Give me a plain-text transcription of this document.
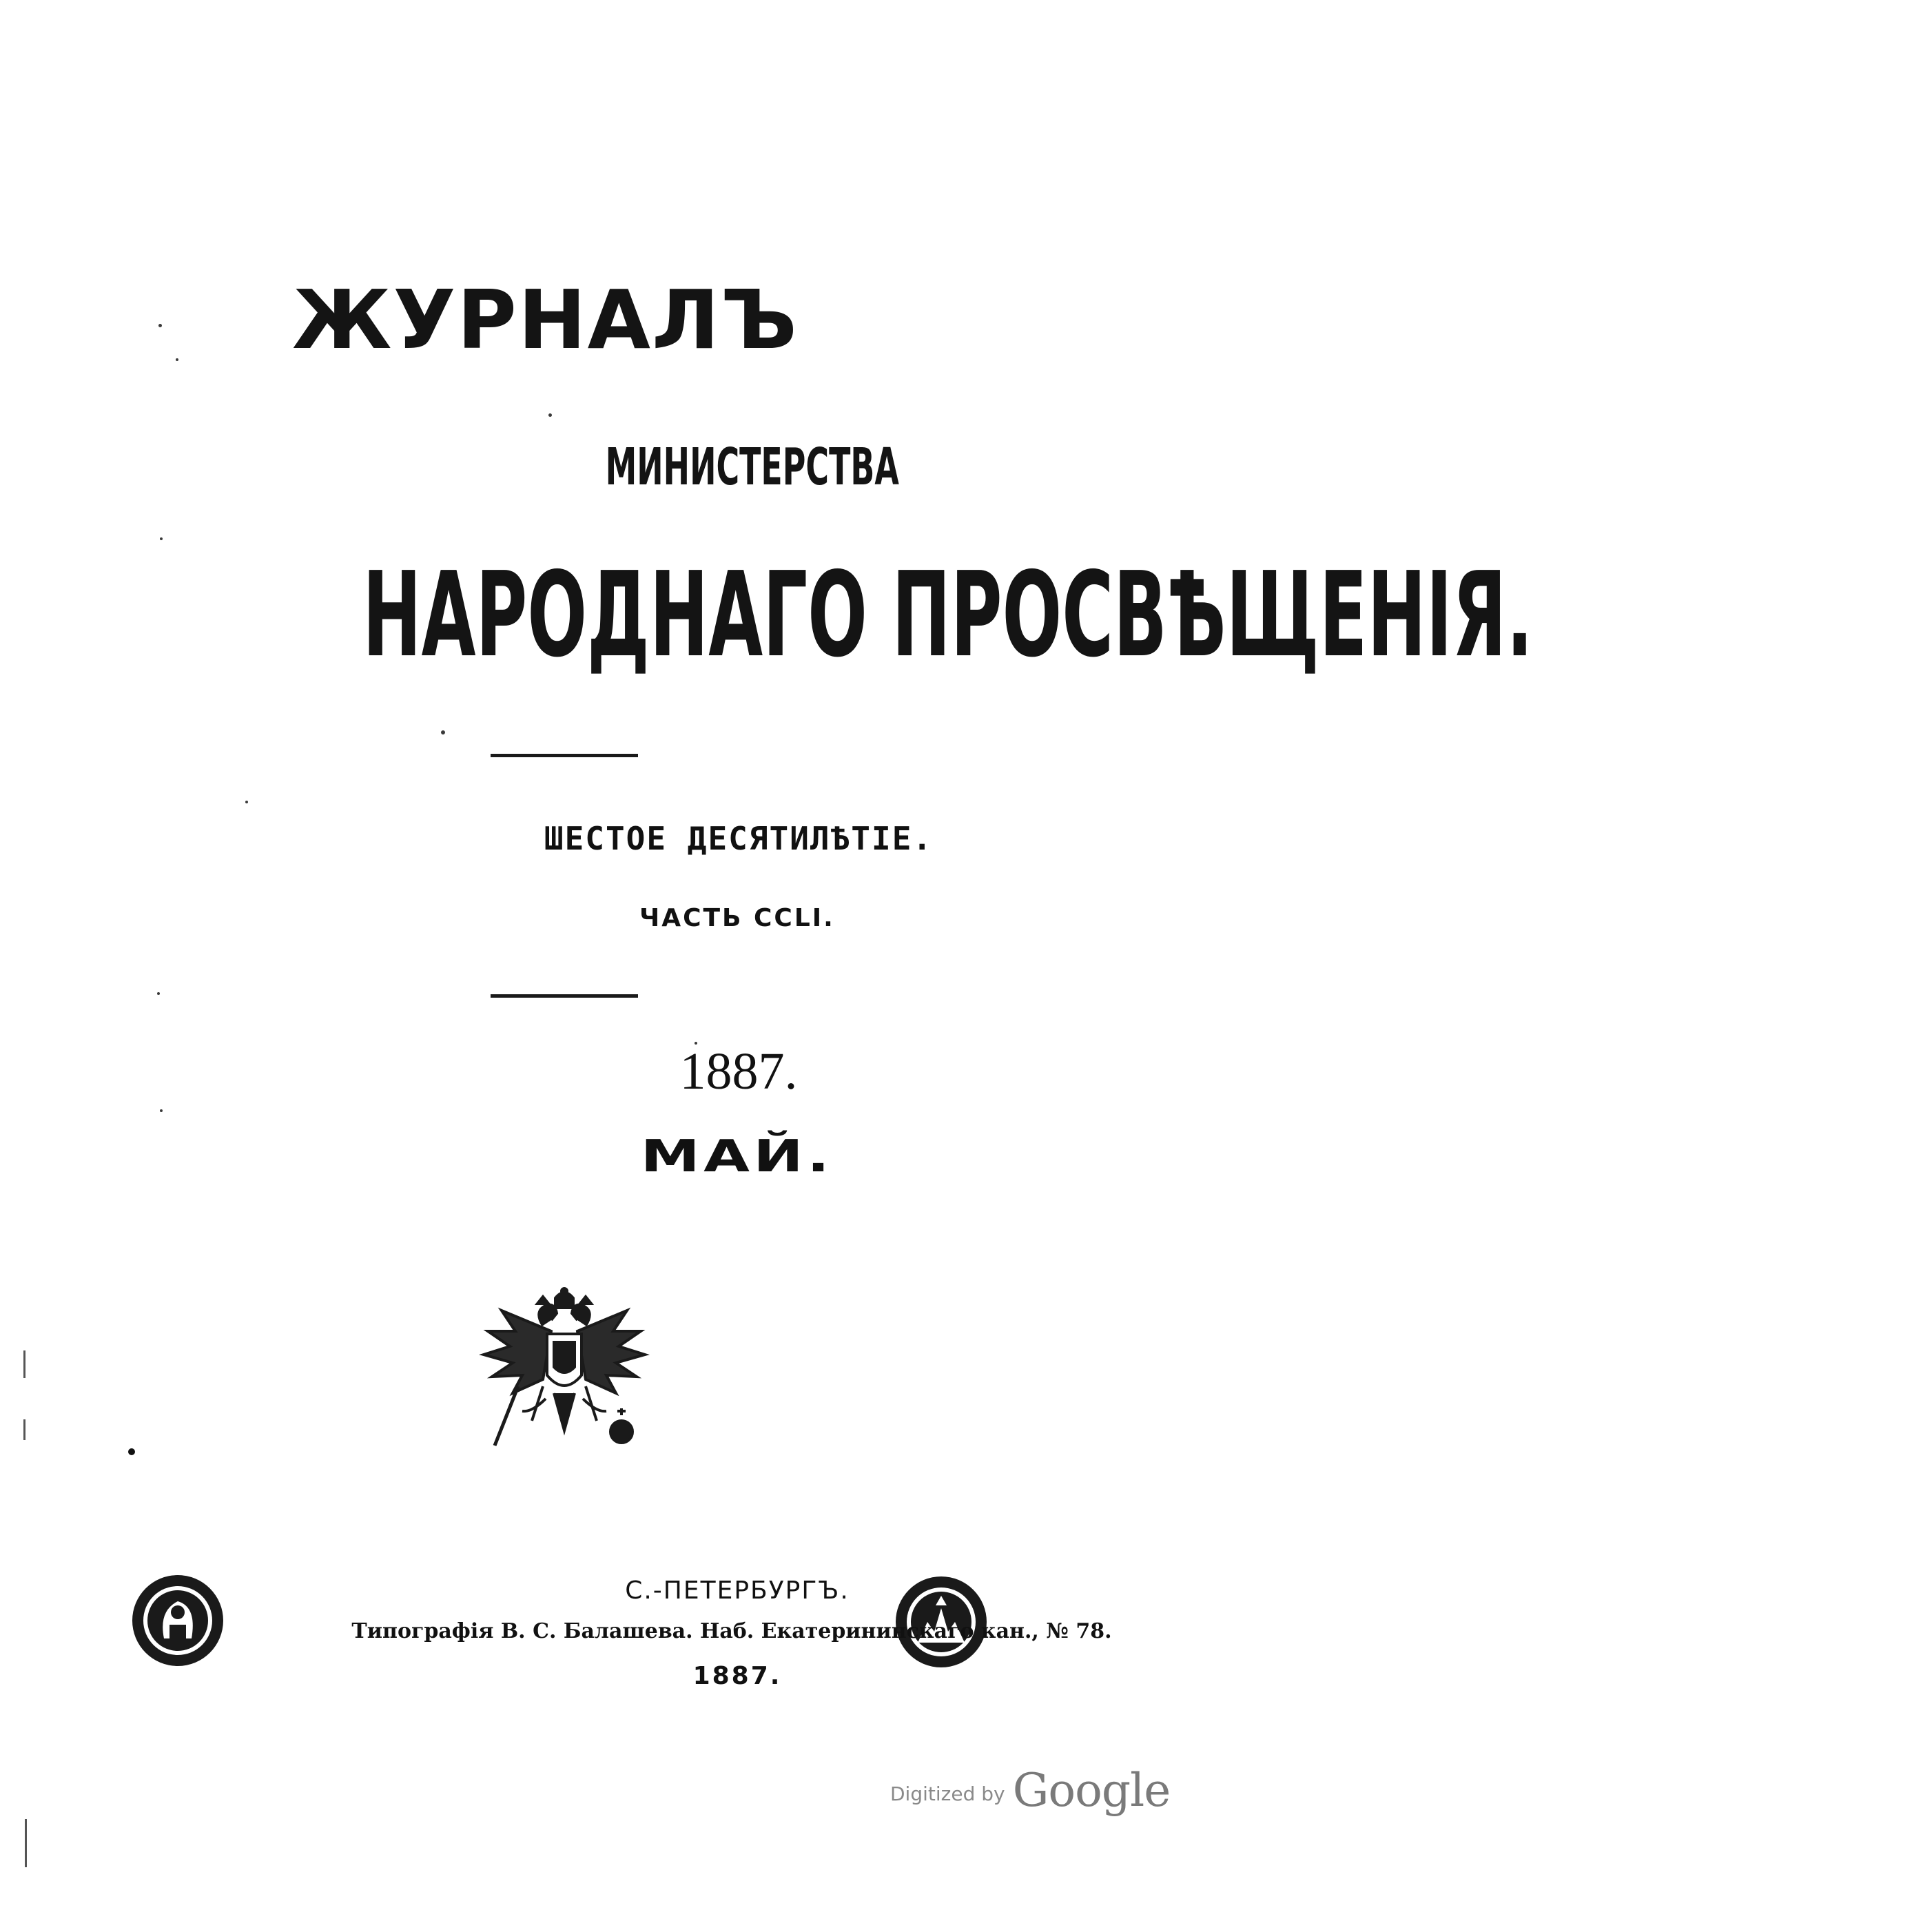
ЖУРНАЛЪ
МИНИСТЕРСТВА
НАРОДНАГО ПРОСВѢЩЕНІЯ.
ШЕСТОЕ ДЕСЯТИЛѢТІЕ.
ЧАСТЬ CCLI.
1887.
МАЙ.
С.-ПЕТЕРБУРГЪ.
Типографія В. С. Балашева. Наб. Екатерининскаго кан., № 78.
1887.
Digitized by Google
